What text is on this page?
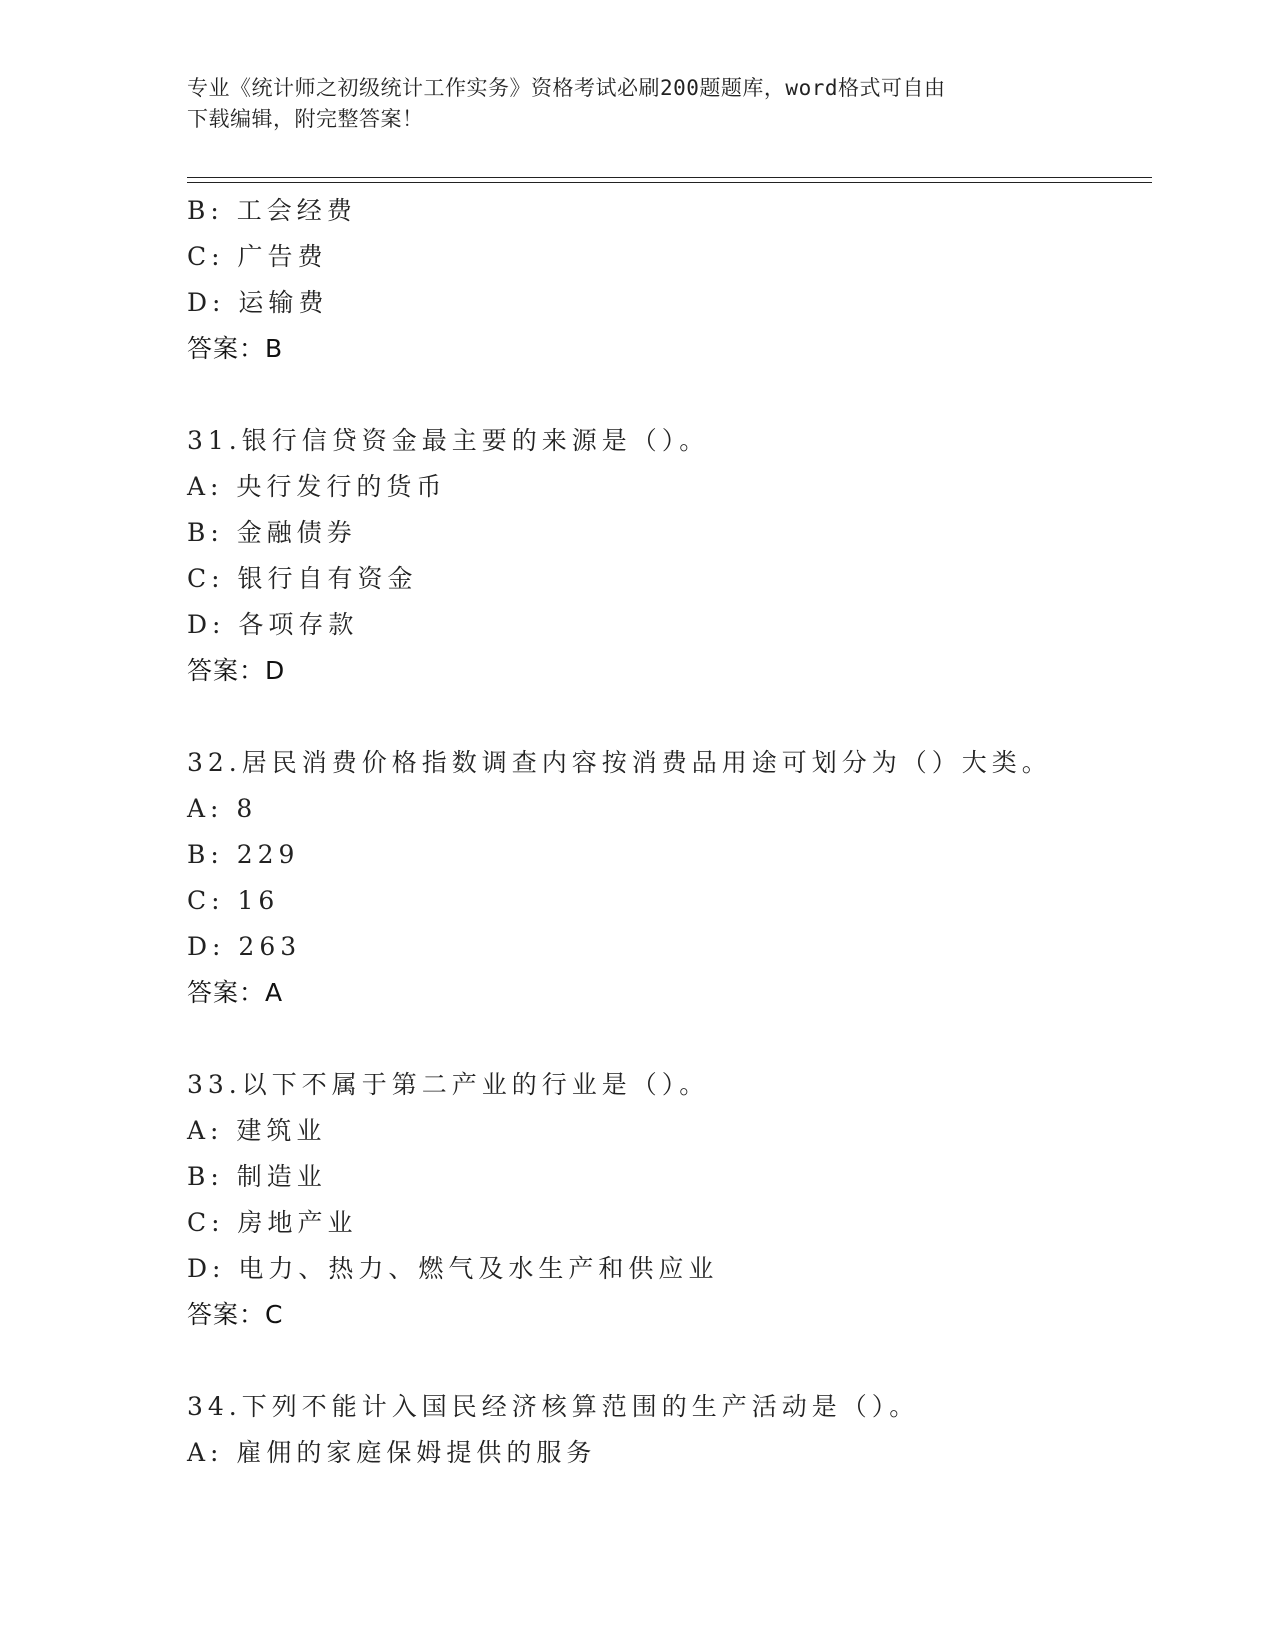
专业《统计师之初级统计工作实务》资格考试必刷200题题库，word格式可自由
下载编辑，附完整答案！
B: 工会经费
C: 广告费
D: 运输费
答案：B
31.银行信贷资金最主要的来源是（）。
A: 央行发行的货币
B: 金融债券
C: 银行自有资金
D: 各项存款
答案：D
32.居民消费价格指数调查内容按消费品用途可划分为（）大类。
A: 8
B: 229
C: 16
D: 263
答案：A
33.以下不属于第二产业的行业是（）。
A: 建筑业
B: 制造业
C: 房地产业
D: 电力、热力、燃气及水生产和供应业
答案：C
34.下列不能计入国民经济核算范围的生产活动是（）。
A: 雇佣的家庭保姆提供的服务
